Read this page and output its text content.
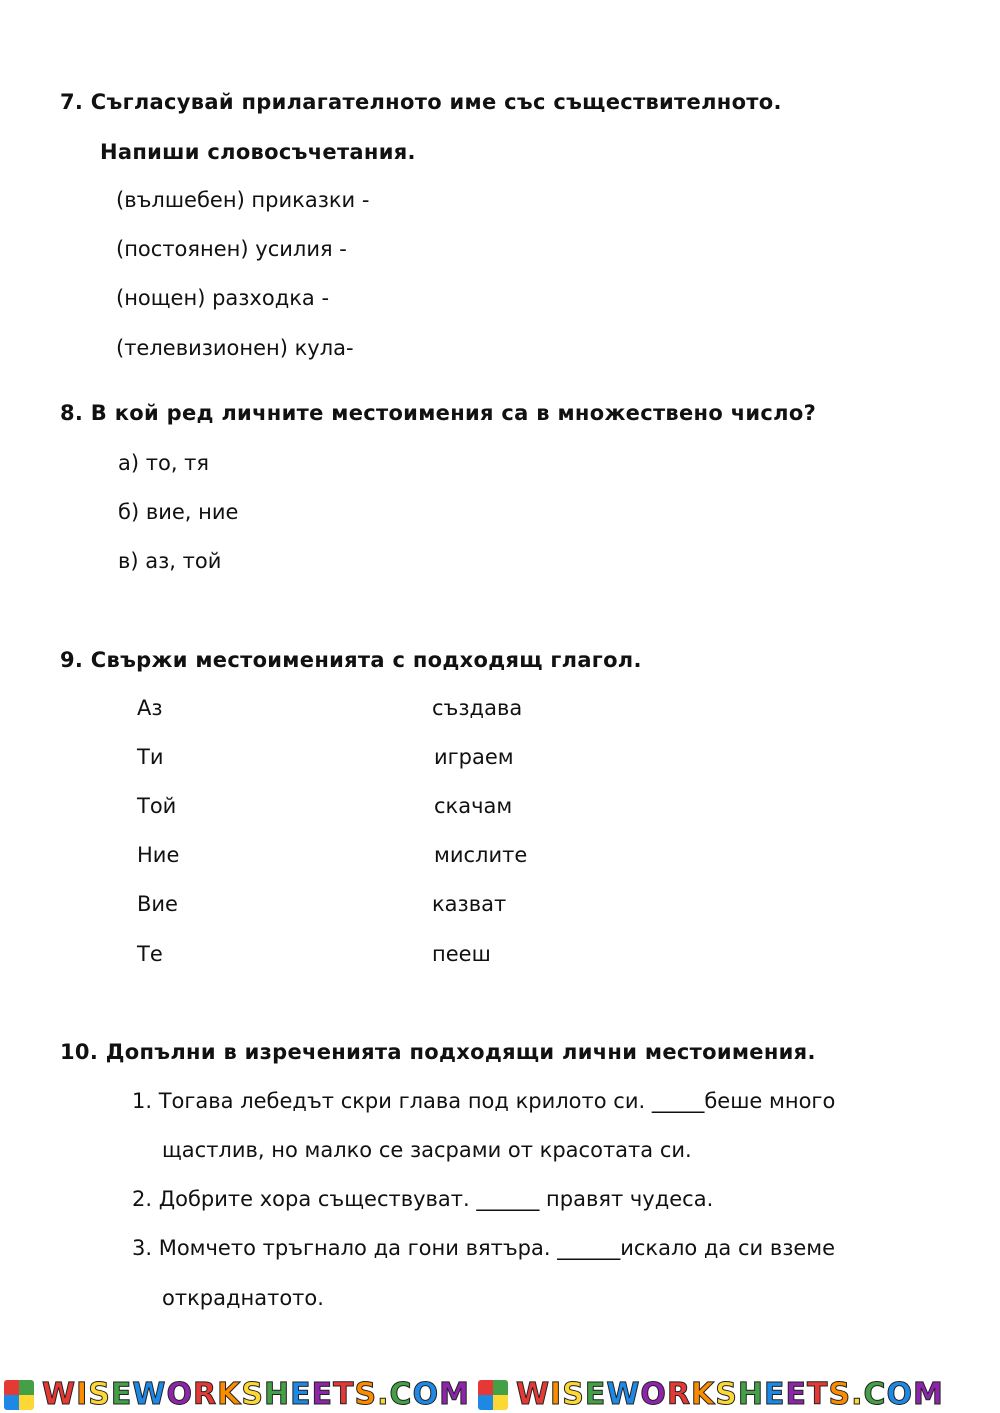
7. Съгласувай прилагателното име със съществителното.
Напиши словосъчетания.
(вълшебен) приказки -
(постоянен) усилия -
(нощен) разходка -
(телевизионен) кула-
8. В кой ред личните местоимения са в множествено число?
а) то, тя
б) вие, ние
в) аз, той
9. Свържи местоименията с подходящ глагол.
Аз
Ти
Той
Ние
Вие
Те
създава
играем
скачам
мислите
казват
пееш
10. Допълни в изреченията подходящи лични местоимения.
1. Тогава лебедът скри глава под крилото си. _____беше много
щастлив, но малко се засрами от красотата си.
2. Добрите хора съществуват. ______ правят чудеса.
3. Момчето тръгнало да гони вятъра. ______искало да си вземе
откраднатото.
WISEWORKSHEETS.COM WISEWORKSHEETS.COM
